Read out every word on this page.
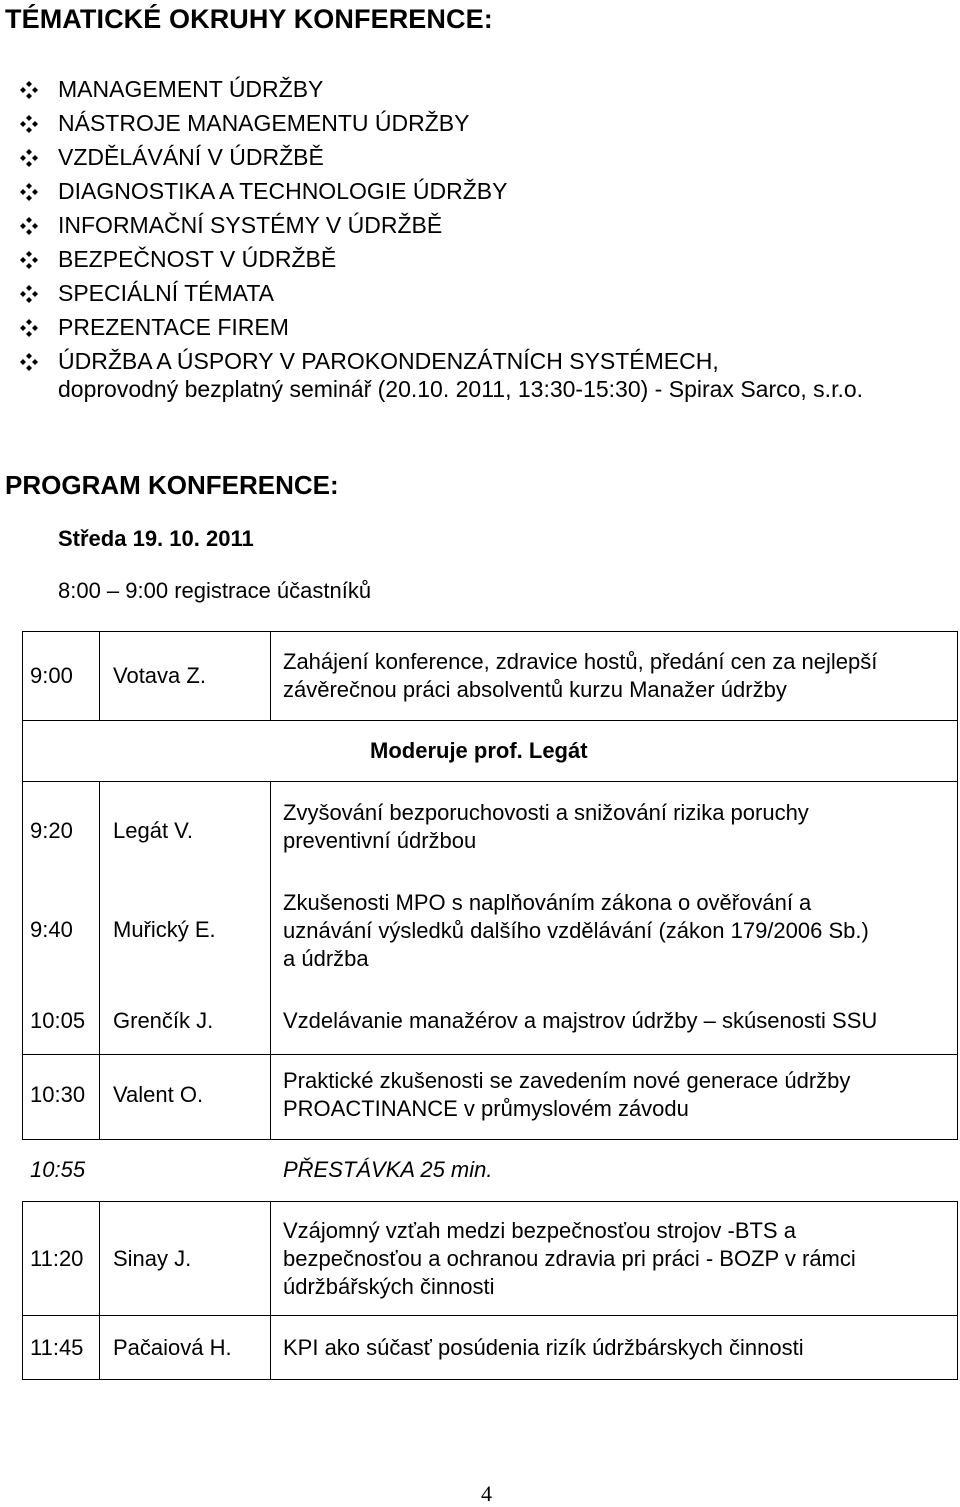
TÉMATICKÉ OKRUHY KONFERENCE:
MANAGEMENT ÚDRŽBY
NÁSTROJE MANAGEMENTU ÚDRŽBY
VZDĚLÁVÁNÍ V ÚDRŽBĚ
DIAGNOSTIKA A TECHNOLOGIE ÚDRŽBY
INFORMAČNÍ SYSTÉMY V ÚDRŽBĚ
BEZPEČNOST V ÚDRŽBĚ
SPECIÁLNÍ TÉMATA
PREZENTACE FIREM
ÚDRŽBA A ÚSPORY V PAROKONDENZÁTNÍCH SYSTÉMECH,
doprovodný bezplatný seminář (20.10. 2011, 13:30-15:30) - Spirax Sarco, s.r.o.
PROGRAM KONFERENCE:
Středa 19. 10. 2011
8:00 – 9:00 registrace účastníků
9:00 Votava Z.
Zahájení konference, zdravice hostů, předání cen za nejlepší
závěrečnou práci absolventů kurzu Manažer údržby
Moderuje prof. Legát
9:20 Legát V.
Zvyšování bezporuchovosti a snižování rizika poruchy
preventivní údržbou
9:40 Muřický E.
Zkušenosti MPO s naplňováním zákona o ověřování a
uznávání výsledků dalšího vzdělávání (zákon 179/2006 Sb.)
a údržba
10:05 Grenčík J.	Vzdelávanie manažérov a majstrov údržby – skúsenosti SSU
10:30 Valent O.
Praktické zkušenosti se zavedením nové generace údržby
PROACTINANCE v průmyslovém závodu
10:55	PŘESTÁVKA 25 min.
11:20 Sinay J.
Vzájomný vzťah medzi bezpečnosťou strojov -BTS a
bezpečnosťou a ochranou zdravia pri práci - BOZP v rámci
údržbářských činnosti
11:45 Pačaiová H. KPI ako súčasť posúdenia rizík údržbárskych činnosti
4
